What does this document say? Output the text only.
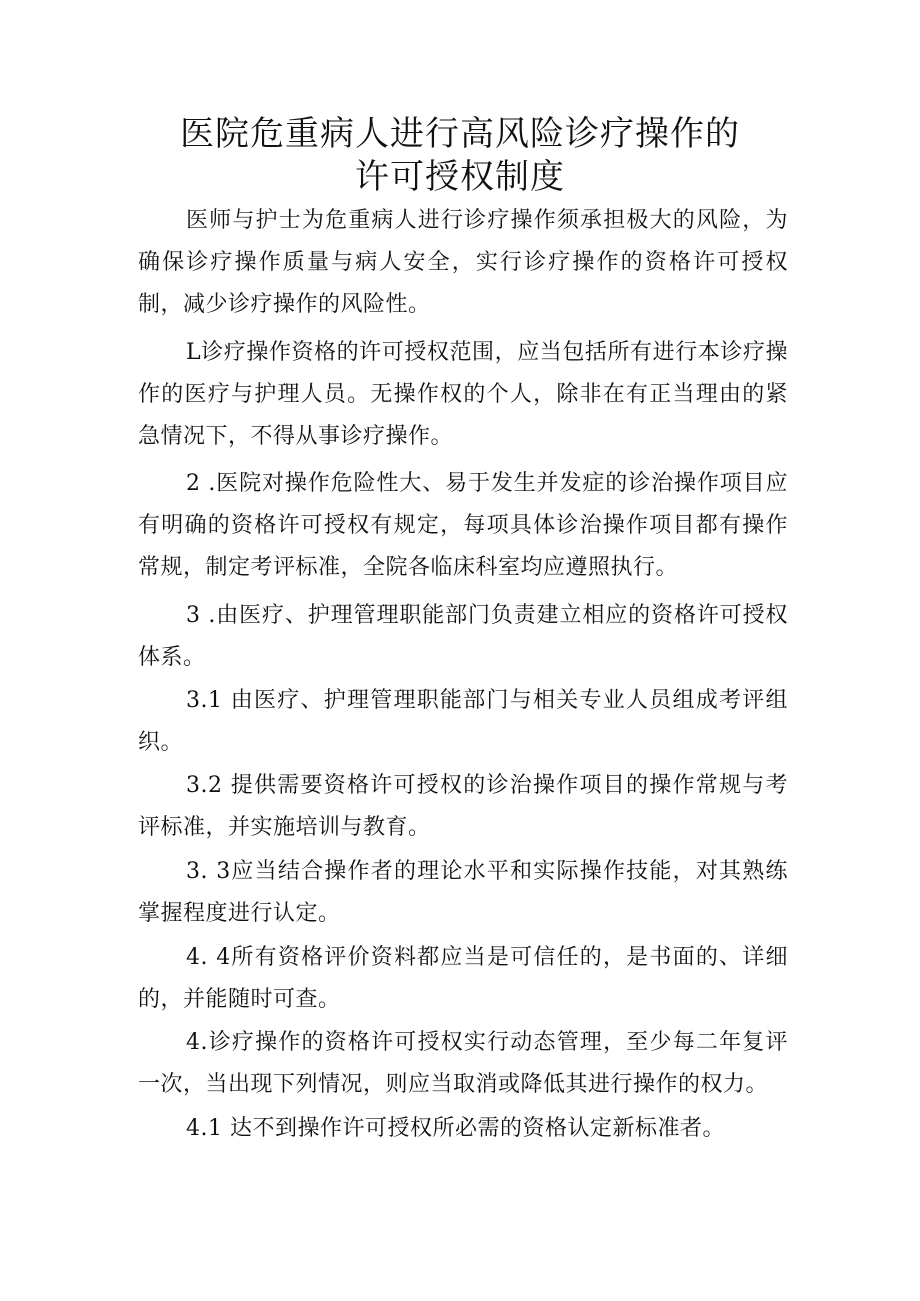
医院危重病人进行高风险诊疗操作的
许可授权制度

医师与护士为危重病人进行诊疗操作须承担极大的风险，为确保诊疗操作质量与病人安全，实行诊疗操作的资格许可授权制，减少诊疗操作的风险性。

L诊疗操作资格的许可授权范围，应当包括所有进行本诊疗操作的医疗与护理人员。无操作权的个人，除非在有正当理由的紧急情况下，不得从事诊疗操作。

2 .医院对操作危险性大、易于发生并发症的诊治操作项目应有明确的资格许可授权有规定，每项具体诊治操作项目都有操作常规，制定考评标准，全院各临床科室均应遵照执行。

3 .由医疗、护理管理职能部门负责建立相应的资格许可授权体系。

3.1 由医疗、护理管理职能部门与相关专业人员组成考评组织。

3.2 提供需要资格许可授权的诊治操作项目的操作常规与考评标准，并实施培训与教育。

3. 3应当结合操作者的理论水平和实际操作技能，对其熟练掌握程度进行认定。

4. 4所有资格评价资料都应当是可信任的，是书面的、详细的，并能随时可查。

4.诊疗操作的资格许可授权实行动态管理，至少每二年复评一次，当出现下列情况，则应当取消或降低其进行操作的权力。

4.1 达不到操作许可授权所必需的资格认定新标准者。
